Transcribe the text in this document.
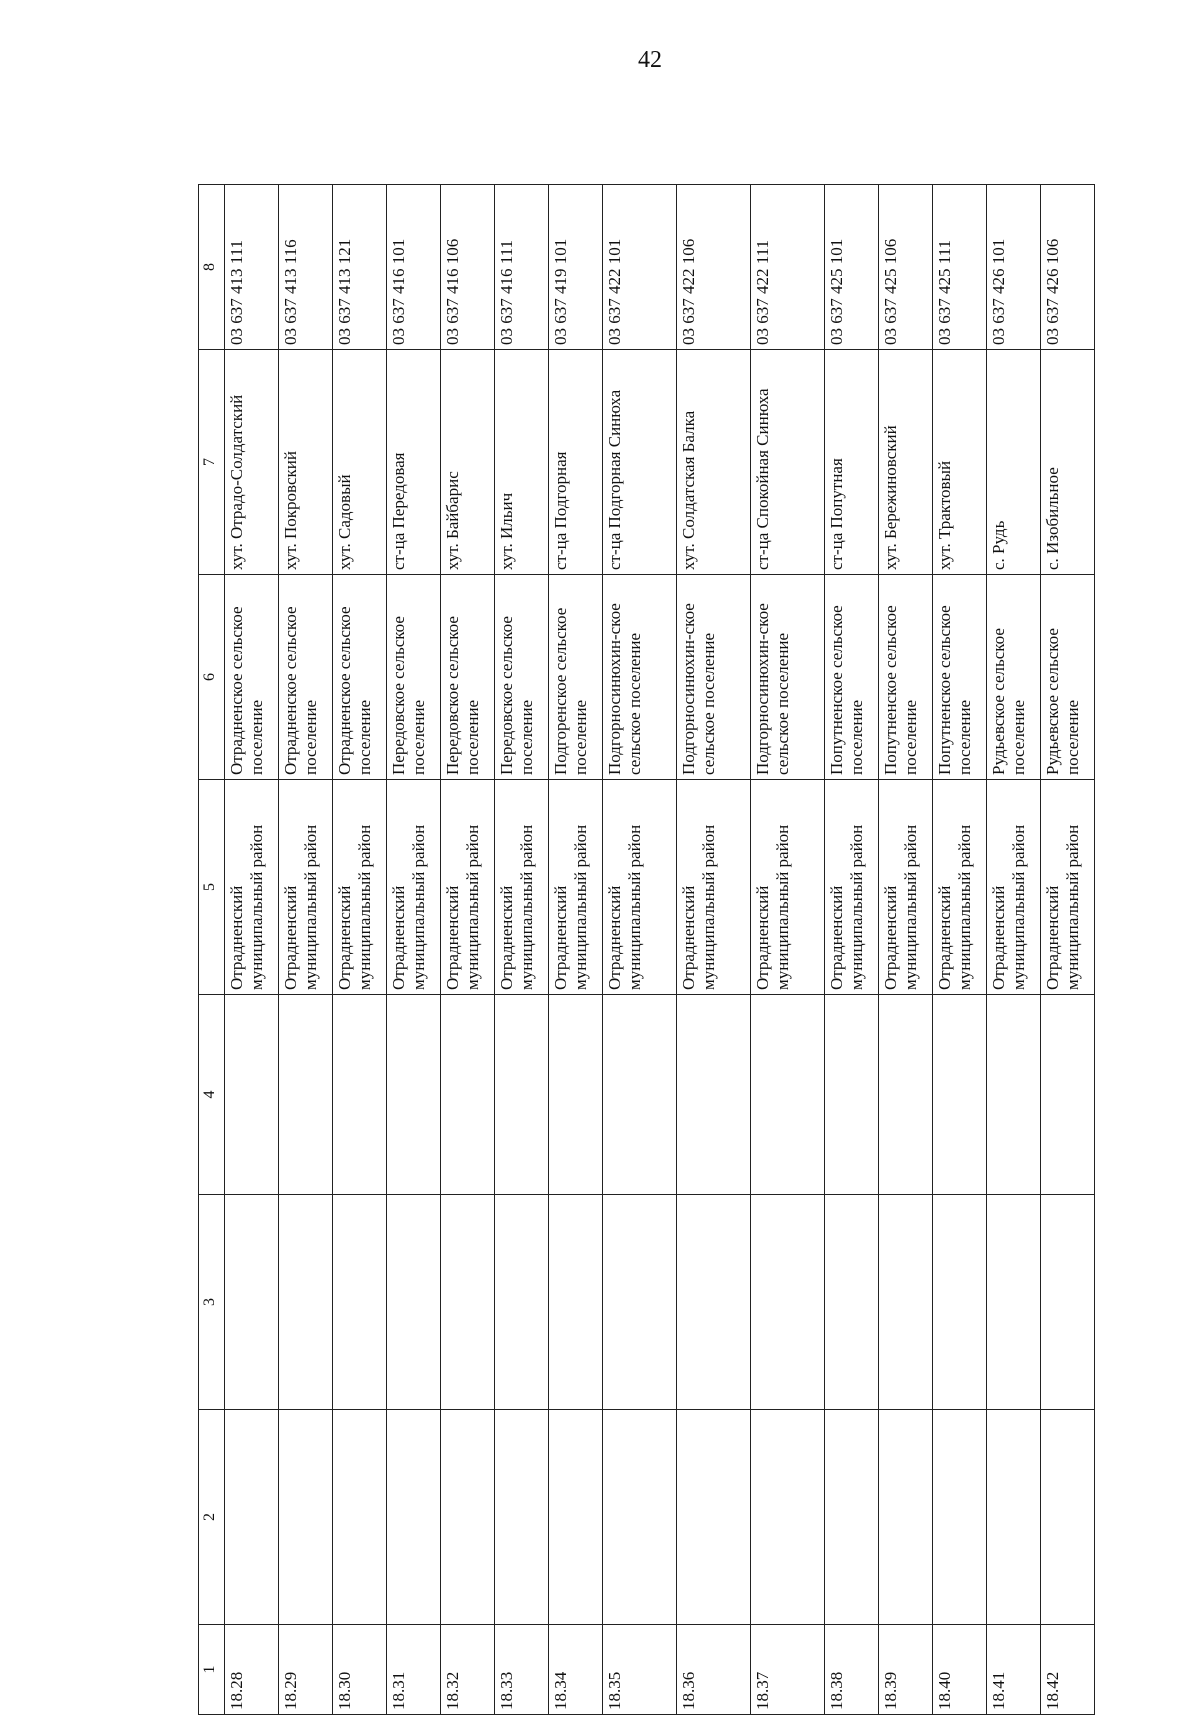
42
1	2	3	4	5	6	7	8
18.28				Отрадненский муниципальный район	Отрадненское сельское поселение	хут. Отрадо-Солдатский	03 637 413 111
18.29				Отрадненский муниципальный район	Отрадненское сельское поселение	хут. Покровский	03 637 413 116
18.30				Отрадненский муниципальный район	Отрадненское сельское поселение	хут. Садовый	03 637 413 121
18.31				Отрадненский муниципальный район	Передовское сельское поселение	ст-ца Передовая	03 637 416 101
18.32				Отрадненский муниципальный район	Передовское сельское поселение	хут. Байбарис	03 637 416 106
18.33				Отрадненский муниципальный район	Передовское сельское поселение	хут. Ильич	03 637 416 111
18.34				Отрадненский муниципальный район	Подгоренское сельское поселение	ст-ца Подгорная	03 637 419 101
18.35				Отрадненский муниципальный район	Подгорносинюхин-ское сельское поселение	ст-ца Подгорная Синюха	03 637 422 101
18.36				Отрадненский муниципальный район	Подгорносинюхин-ское сельское поселение	хут. Солдатская Балка	03 637 422 106
18.37				Отрадненский муниципальный район	Подгорносинюхин-ское сельское поселение	ст-ца Спокойная Синюха	03 637 422 111
18.38				Отрадненский муниципальный район	Попутненское сельское поселение	ст-ца Попутная	03 637 425 101
18.39				Отрадненский муниципальный район	Попутненское сельское поселение	хут. Бережиновский	03 637 425 106
18.40				Отрадненский муниципальный район	Попутненское сельское поселение	хут. Трактовый	03 637 425 111
18.41				Отрадненский муниципальный район	Рудьевское сельское поселение	с. Рудь	03 637 426 101
18.42				Отрадненский муниципальный район	Рудьевское сельское поселение	с. Изобильное	03 637 426 106
